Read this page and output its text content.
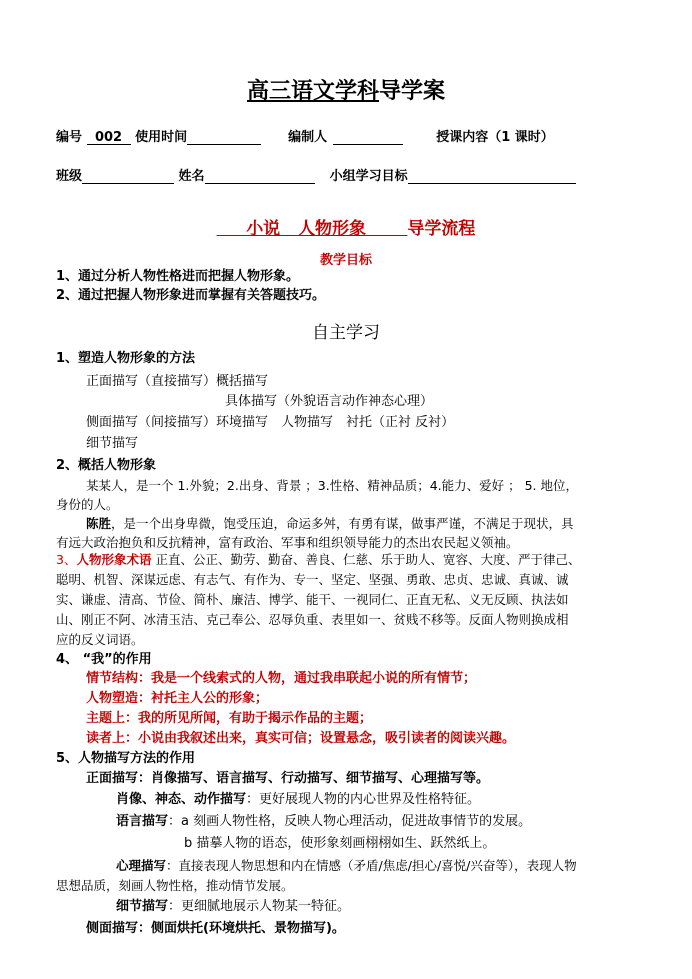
高三语文学科导学案
编号 002 使用时间	编制人	授课内容（1 课时）
班级	姓名	小组学习目标
小说 人物形象 导学流程
教学目标
1、通过分析人物性格进而把握人物形象。
2、通过把握人物形象进而掌握有关答题技巧。
自主学习
1、塑造人物形象的方法
正面描写（直接描写）概括描写
具体描写（外貌语言动作神态心理）
侧面描写（间接描写）环境描写　人物描写　衬托（正衬 反衬）
细节描写
2、概括人物形象
某某人，是一个 1.外貌；2.出身、背景 ；3.性格、精神品质；4.能力、爱好 ； 5. 地位，
身份的人。
陈胜，是一个出身卑微，饱受压迫，命运多舛，有勇有谋，做事严谨，不满足于现状，具
有远大政治抱负和反抗精神，富有政治、军事和组织领导能力的杰出农民起义领袖。
3、人物形象术语 正直、公正、勤劳、勤奋、善良、仁慈、乐于助人、宽容、大度、严于律己、
聪明、机智、深谋远虑、有志气、有作为、专一、坚定、坚强、勇敢、忠贞、忠诚、真诚、诚
实、谦虚、清高、节俭、简朴、廉洁、博学、能干、一视同仁、正直无私、义无反顾、执法如
山、刚正不阿、冰清玉洁、克己奉公、忍辱负重、表里如一、贫贱不移等。反面人物则换成相
应的反义词语。
4、 “我”的作用
情节结构：我是一个线索式的人物，通过我串联起小说的所有情节；
人物塑造：衬托主人公的形象；
主题上：我的所见所闻，有助于揭示作品的主题；
读者上：小说由我叙述出来，真实可信；设置悬念，吸引读者的阅读兴趣。
5、人物描写方法的作用
正面描写：肖像描写、语言描写、行动描写、细节描写、心理描写等。
肖像、神态、动作描写：更好展现人物的内心世界及性格特征。
语言描写：a 刻画人物性格，反映人物心理活动，促进故事情节的发展。
b 描摹人物的语态，使形象刻画栩栩如生、跃然纸上。
心理描写：直接表现人物思想和内在情感（矛盾/焦虑/担心/喜悦/兴奋等），表现人物
思想品质，刻画人物性格，推动情节发展。
细节描写：更细腻地展示人物某一特征。
侧面描写：侧面烘托(环境烘托、景物描写)。
